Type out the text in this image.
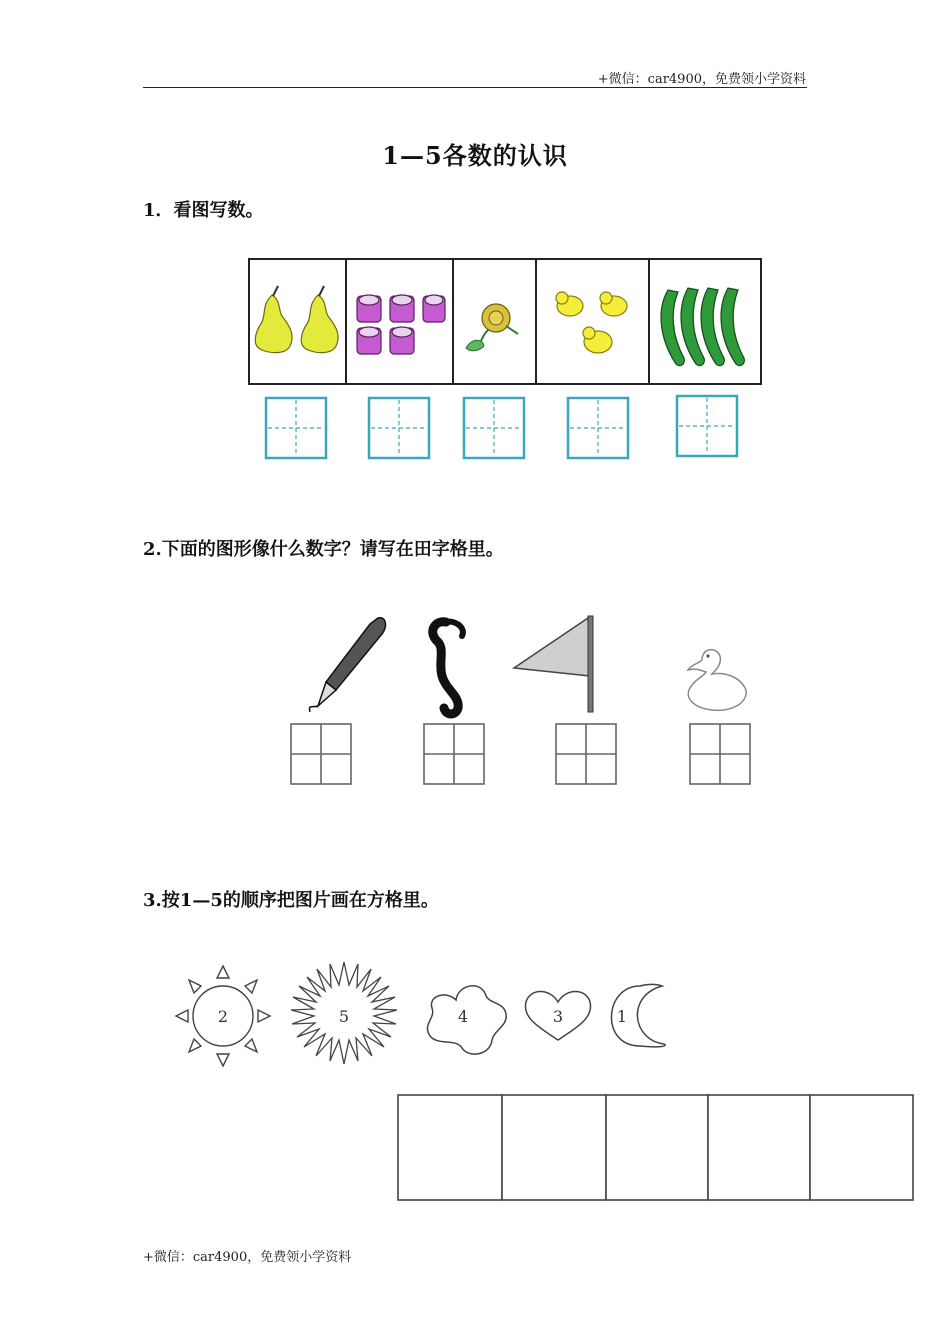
+微信：car4900，免费领小学资料
1—5各数的认识
1．看图写数。
2.下面的图形像什么数字？请写在田字格里。
3.按1—5的顺序把图片画在方格里。
2	5	4	3	1
+微信：car4900，免费领小学资料
